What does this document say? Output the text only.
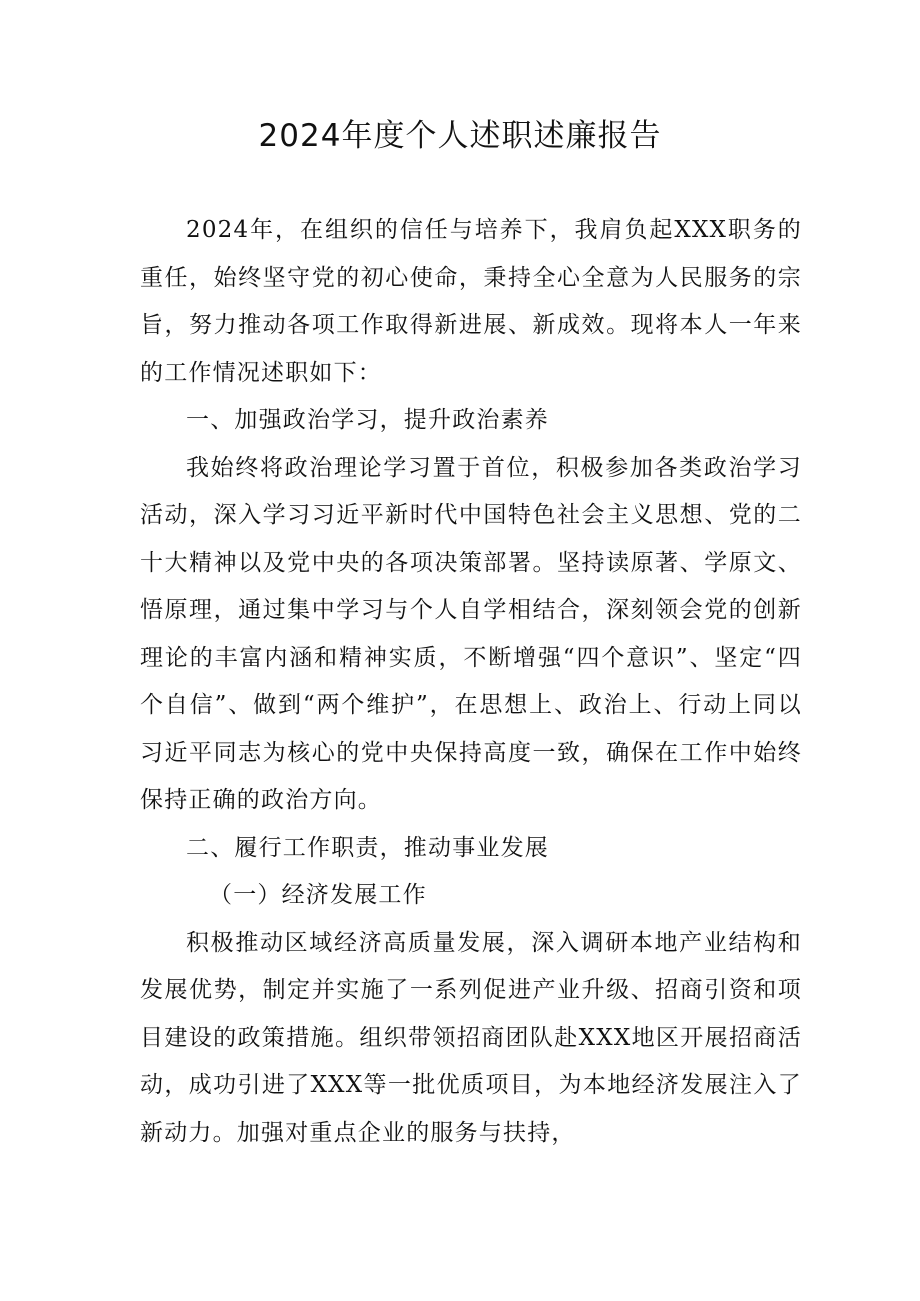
2024年度个人述职述廉报告

2024年，在组织的信任与培养下，我肩负起XXX职务的重任，始终坚守党的初心使命，秉持全心全意为人民服务的宗旨，努力推动各项工作取得新进展、新成效。现将本人一年来的工作情况述职如下：

一、加强政治学习，提升政治素养

我始终将政治理论学习置于首位，积极参加各类政治学习活动，深入学习习近平新时代中国特色社会主义思想、党的二十大精神以及党中央的各项决策部署。坚持读原著、学原文、悟原理，通过集中学习与个人自学相结合，深刻领会党的创新理论的丰富内涵和精神实质，不断增强“四个意识”、坚定“四个自信”、做到“两个维护”，在思想上、政治上、行动上同以习近平同志为核心的党中央保持高度一致，确保在工作中始终保持正确的政治方向。

二、履行工作职责，推动事业发展

（一）经济发展工作

积极推动区域经济高质量发展，深入调研本地产业结构和发展优势，制定并实施了一系列促进产业升级、招商引资和项目建设的政策措施。组织带领招商团队赴XXX地区开展招商活动，成功引进了XXX等一批优质项目，为本地经济发展注入了新动力。加强对重点企业的服务与扶持，
